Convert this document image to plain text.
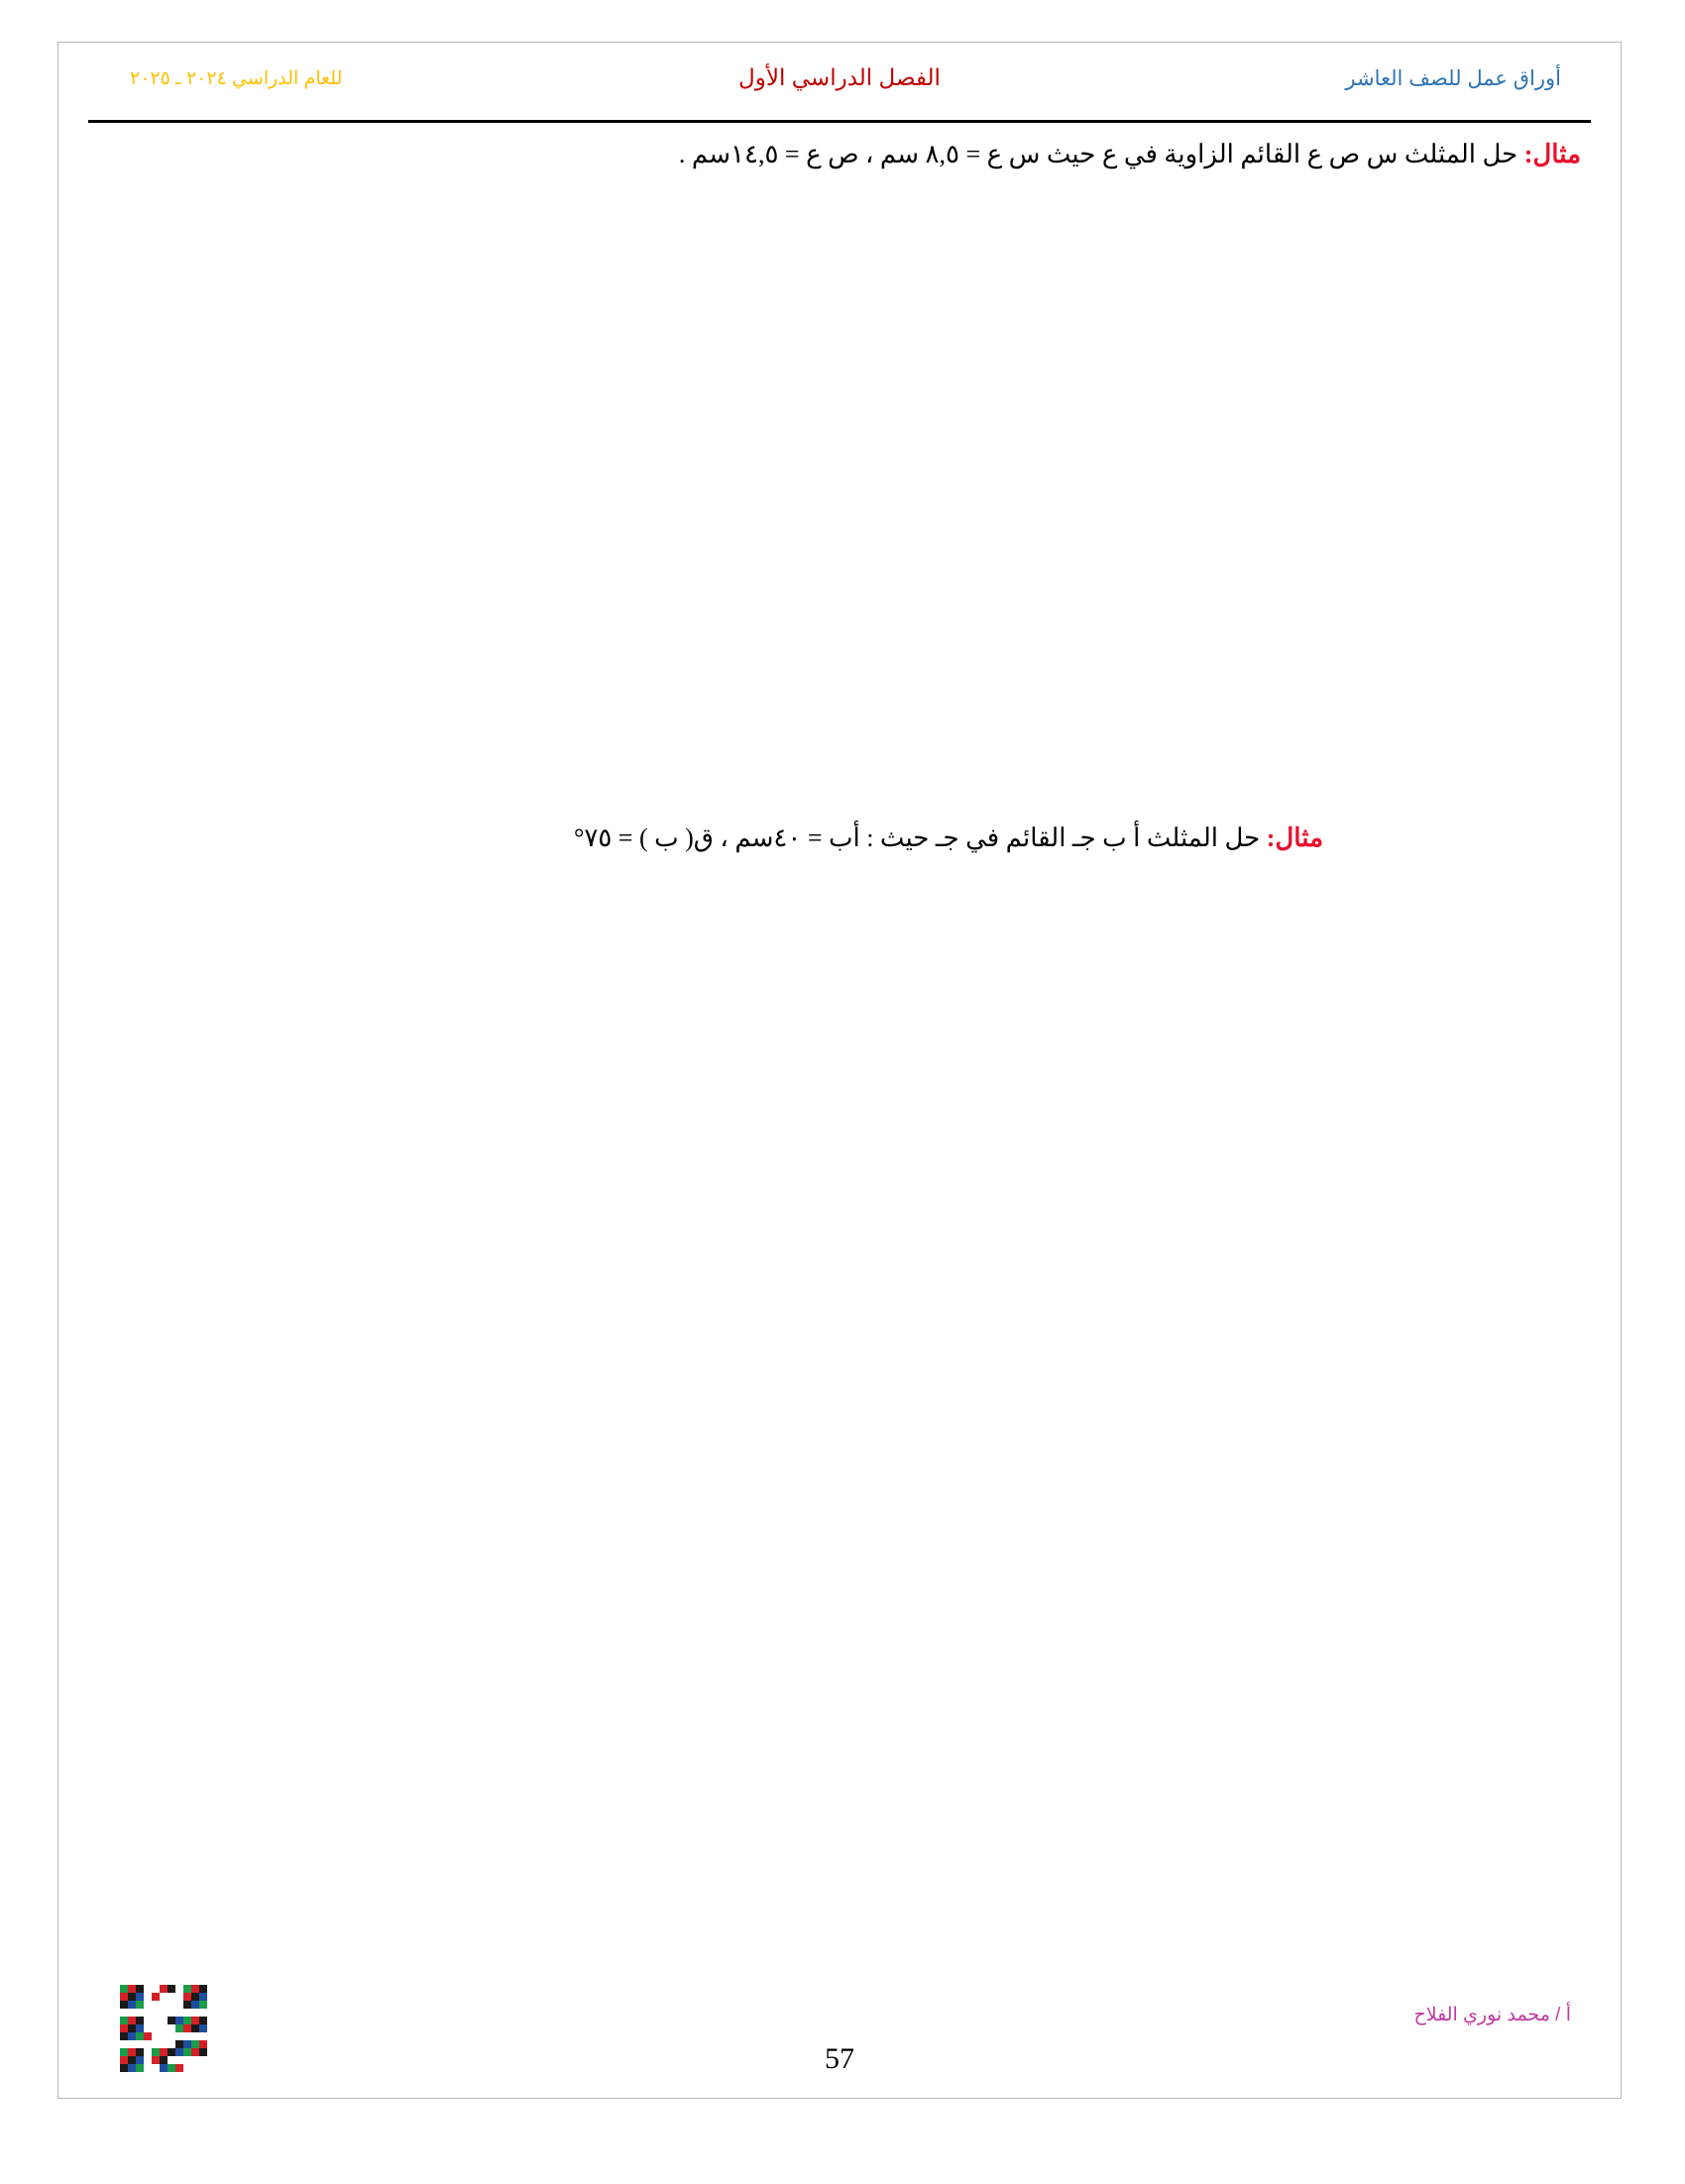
أوراق عمل للصف العاشر
الفصل الدراسي الأول
للعام الدراسي ٢٠٢٤ ـ ٢٠٢٥
مثال: حل المثلث س ص ع القائم الزاوية في ع حيث س ع = ٨,٥ سم ، ص ع = ١٤,٥سم .
مثال: حل المثلث أ ب جـ القائم في جـ حيث : أب = ٤٠سم ، ق( ب ) = ٧٥°
أ / محمد نوري الفلاح
57
